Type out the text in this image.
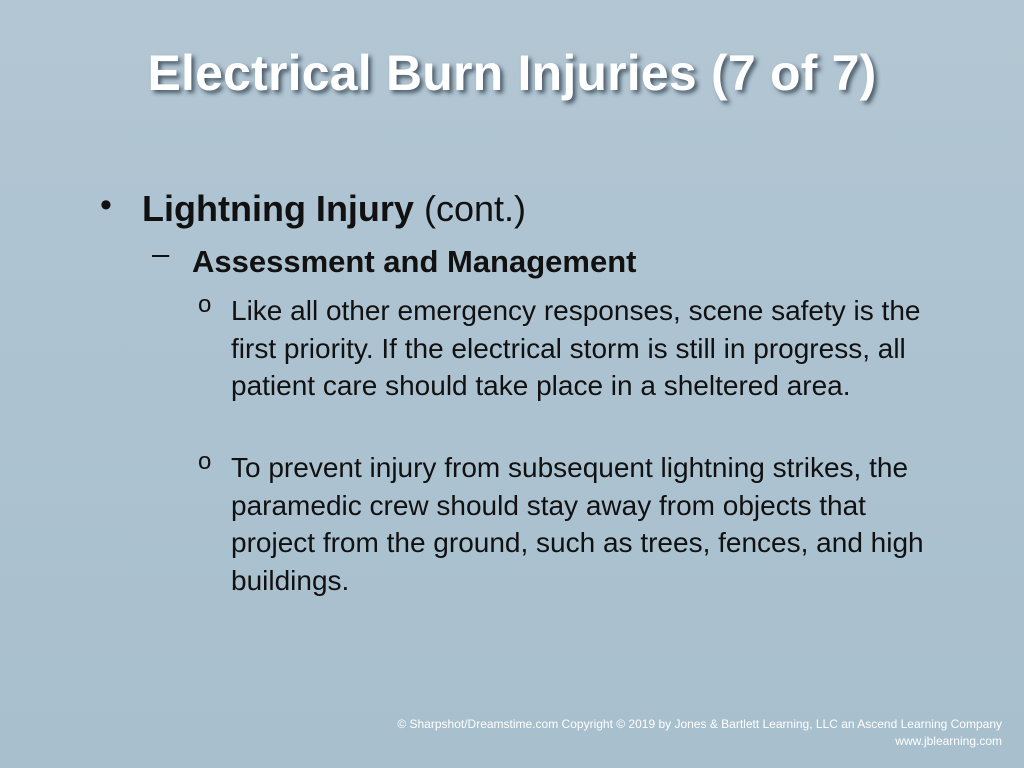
Electrical Burn Injuries (7 of 7)
• Lightning Injury (cont.)
– Assessment and Management
o Like all other emergency responses, scene safety is the first priority. If the electrical storm is still in progress, all patient care should take place in a sheltered area.
o To prevent injury from subsequent lightning strikes, the paramedic crew should stay away from objects that project from the ground, such as trees, fences, and high buildings.
© Sharpshot/Dreamstime.com Copyright © 2019 by Jones & Bartlett Learning, LLC an Ascend Learning Company
www.jblearning.com
